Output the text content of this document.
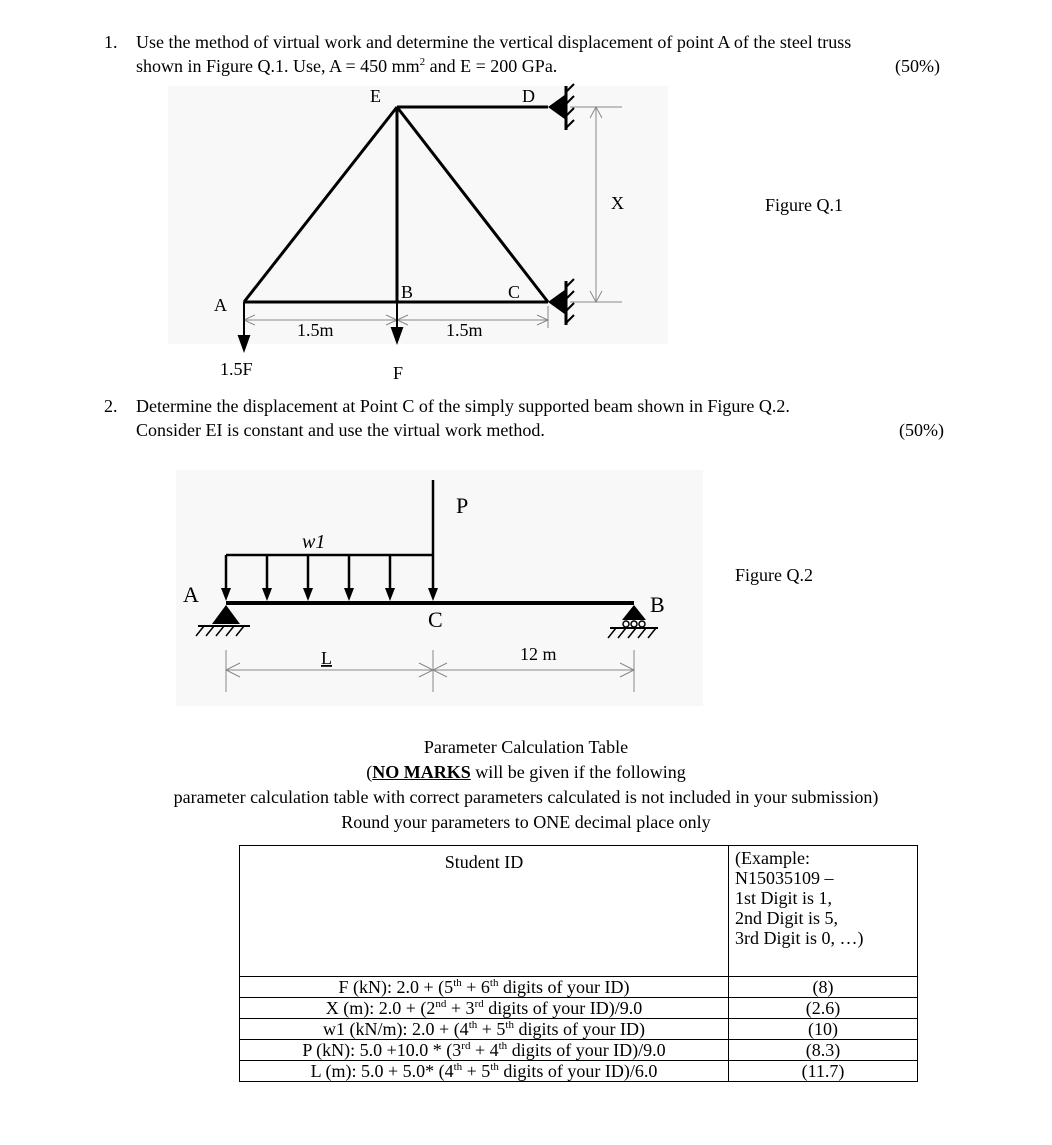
1. Use the method of virtual work and determine the vertical displacement of point A of the steel truss
shown in Figure Q.1. Use, A = 450 $mm^2$ and E = 200 GPa.	(50%)
E	D
A
B	C
X
1.5m	1.5m
1.5F	F
Figure Q.1
2. Determine the displacement at Point C of the simply supported beam shown in Figure Q.2.
Consider EI is constant and use the virtual work method.	(50%)
w1
P
A
C
B
L	12 m
Figure Q.2
Parameter Calculation Table
(NO MARKS will be given if the following
parameter calculation table with correct parameters calculated is not included in your submission)
Round your parameters to ONE decimal place only
Student ID	(Example:
N15035109 –
1st Digit is 1,
2nd Digit is 5,
3rd Digit is 0, …)

F (kN): 2.0 + (5th + 6th digits of your ID)	(8)
X (m): 2.0 + (2nd + 3rd digits of your ID)/9.0	(2.6)
w1 (kN/m): 2.0 + (4th + 5th digits of your ID)	(10)
P (kN): 5.0 +10.0 * (3rd + 4th digits of your ID)/9.0	(8.3)
L (m): 5.0 + 5.0* (4th + 5th digits of your ID)/6.0	(11.7)
